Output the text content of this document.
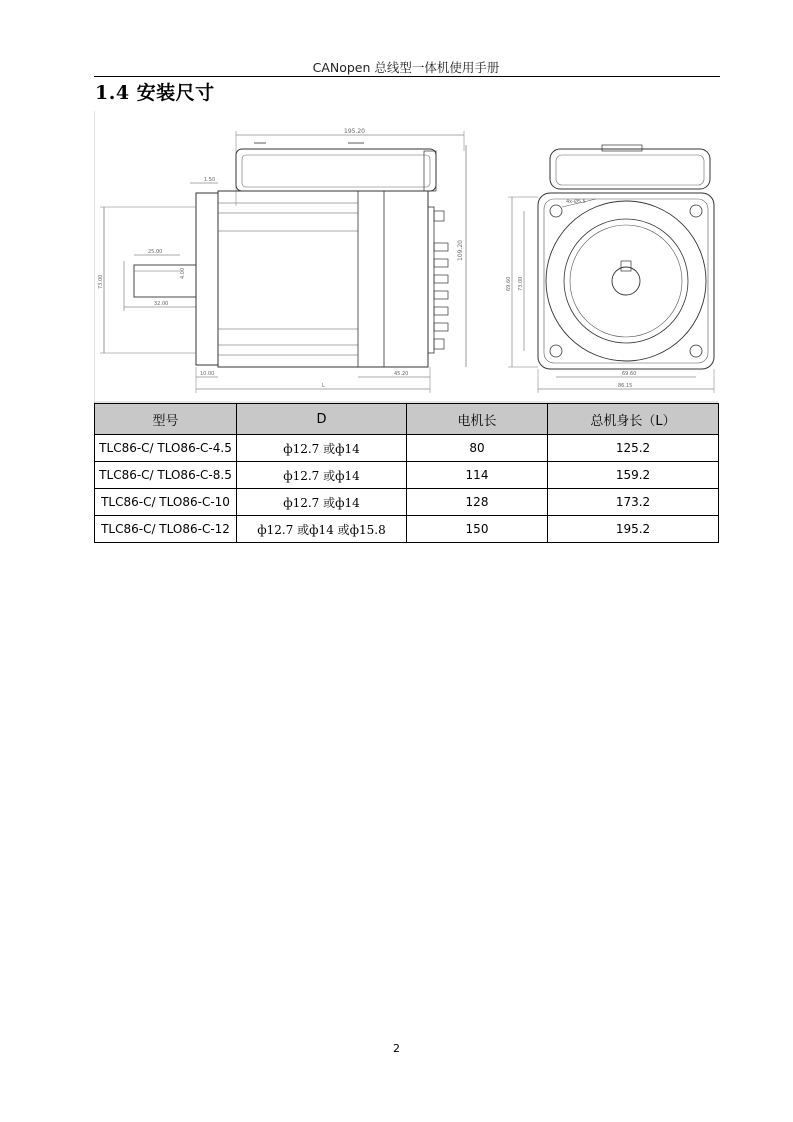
CANopen 总线型一体机使用手册
1.4 安装尺寸
195.20
1.50
109.20
25.00
4.00
32.00
73.00
10.00	45.20
L
4x-Ø5.5
69.60 73.00
69.60
86.15
型号	D	电机长	总机身长（L）
TLC86-C/ TLO86-C-4.5	ф12.7 或ф14	80	125.2
TLC86-C/ TLO86-C-8.5	ф12.7 或ф14	114	159.2
TLC86-C/ TLO86-C-10	ф12.7 或ф14	128	173.2
TLC86-C/ TLO86-C-12	ф12.7 或ф14 或ф15.8	150	195.2
2
